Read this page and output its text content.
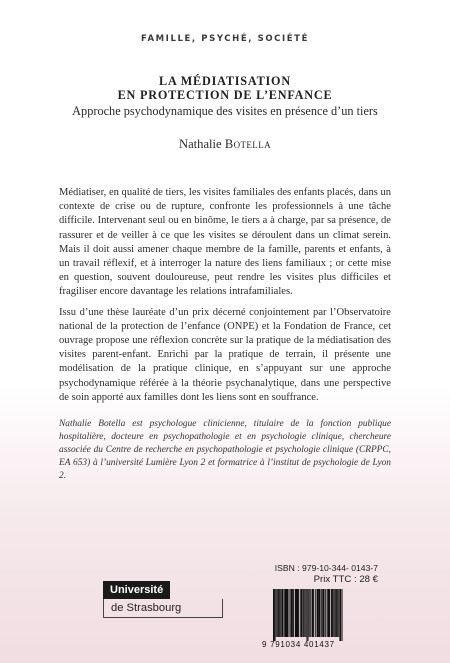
FAMILLE, PSYCHÉ, SOCIÉTÉ
LA MÉDIATISATION
EN PROTECTION DE L’ENFANCE
Approche psychodynamique des visites en présence d’un tiers
Nathalie Botella

Médiatiser, en qualité de tiers, les visites familiales des enfants placés, dans un contexte de crise ou de rupture, confronte les professionnels à une tâche difficile. Intervenant seul ou en binôme, le tiers a à charge, par sa présence, de rassurer et de veiller à ce que les visites se déroulent dans un climat serein. Mais il doit aussi amener chaque membre de la famille, parents et enfants, à un travail réflexif, et à interroger la nature des liens familiaux ; or cette mise en question, souvent douloureuse, peut rendre les visites plus difficiles et fragiliser encore davantage les relations intrafamiliales.

Issu d’une thèse lauréate d’un prix décerné conjointement par l’Observatoire national de la protection de l’enfance (ONPE) et la Fondation de France, cet ouvrage propose une réflexion concrète sur la pratique de la médiatisation des visites parent-enfant. Enrichi par la pratique de terrain, il présente une modélisation de la pratique clinique, en s’appuyant sur une approche psychodynamique référée à la théorie psychanalytique, dans une perspective de soin apporté aux familles dont les liens sont en souffrance.

Nathalie Botella est psychologue clinicienne, titulaire de la fonction publique hospitalière, docteure en psychopathologie et en psychologie clinique, chercheure associée du Centre de recherche en psychopathologie et psychologie clinique (CRPPC, EA 653) à l’université Lumière Lyon 2 et formatrice à l’institut de psychologie de Lyon 2.
Université
de Strasbourg
ISBN : 979-10-344- 0143-7
Prix TTC : 28 €
9 791034 401437
